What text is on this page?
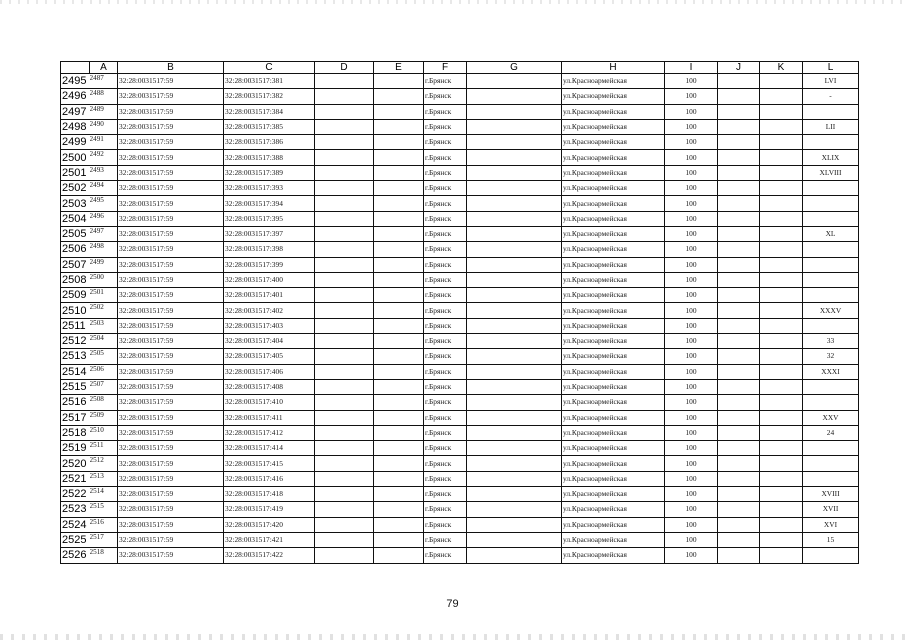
	A	B	C	D	E	F	G	H	I	J	K	L
2495	2487	32:28:0031517:59	32:28:0031517:381			г.Брянск		ул.Красноармейская	100			LVI
2496	2488	32:28:0031517:59	32:28:0031517:382			г.Брянск		ул.Красноармейская	100			-
2497	2489	32:28:0031517:59	32:28:0031517:384			г.Брянск		ул.Красноармейская	100			
2498	2490	32:28:0031517:59	32:28:0031517:385			г.Брянск		ул.Красноармейская	100			LII
2499	2491	32:28:0031517:59	32:28:0031517:386			г.Брянск		ул.Красноармейская	100			
2500	2492	32:28:0031517:59	32:28:0031517:388			г.Брянск		ул.Красноармейская	100			XLIX
2501	2493	32:28:0031517:59	32:28:0031517:389			г.Брянск		ул.Красноармейская	100			XLVIII
2502	2494	32:28:0031517:59	32:28:0031517:393			г.Брянск		ул.Красноармейская	100			
2503	2495	32:28:0031517:59	32:28:0031517:394			г.Брянск		ул.Красноармейская	100			
2504	2496	32:28:0031517:59	32:28:0031517:395			г.Брянск		ул.Красноармейская	100			
2505	2497	32:28:0031517:59	32:28:0031517:397			г.Брянск		ул.Красноармейская	100			XL
2506	2498	32:28:0031517:59	32:28:0031517:398			г.Брянск		ул.Красноармейская	100			
2507	2499	32:28:0031517:59	32:28:0031517:399			г.Брянск		ул.Красноармейская	100			
2508	2500	32:28:0031517:59	32:28:0031517:400			г.Брянск		ул.Красноармейская	100			
2509	2501	32:28:0031517:59	32:28:0031517:401			г.Брянск		ул.Красноармейская	100			
2510	2502	32:28:0031517:59	32:28:0031517:402			г.Брянск		ул.Красноармейская	100			XXXV
2511	2503	32:28:0031517:59	32:28:0031517:403			г.Брянск		ул.Красноармейская	100			
2512	2504	32:28:0031517:59	32:28:0031517:404			г.Брянск		ул.Красноармейская	100			33
2513	2505	32:28:0031517:59	32:28:0031517:405			г.Брянск		ул.Красноармейская	100			32
2514	2506	32:28:0031517:59	32:28:0031517:406			г.Брянск		ул.Красноармейская	100			XXXI
2515	2507	32:28:0031517:59	32:28:0031517:408			г.Брянск		ул.Красноармейская	100			
2516	2508	32:28:0031517:59	32:28:0031517:410			г.Брянск		ул.Красноармейская	100			
2517	2509	32:28:0031517:59	32:28:0031517:411			г.Брянск		ул.Красноармейская	100			XXV
2518	2510	32:28:0031517:59	32:28:0031517:412			г.Брянск		ул.Красноармейская	100			24
2519	2511	32:28:0031517:59	32:28:0031517:414			г.Брянск		ул.Красноармейская	100			
2520	2512	32:28:0031517:59	32:28:0031517:415			г.Брянск		ул.Красноармейская	100			
2521	2513	32:28:0031517:59	32:28:0031517:416			г.Брянск		ул.Красноармейская	100			
2522	2514	32:28:0031517:59	32:28:0031517:418			г.Брянск		ул.Красноармейская	100			XVIII
2523	2515	32:28:0031517:59	32:28:0031517:419			г.Брянск		ул.Красноармейская	100			XVII
2524	2516	32:28:0031517:59	32:28:0031517:420			г.Брянск		ул.Красноармейская	100			XVI
2525	2517	32:28:0031517:59	32:28:0031517:421			г.Брянск		ул.Красноармейская	100			15
2526	2518	32:28:0031517:59	32:28:0031517:422			г.Брянск		ул.Красноармейская	100			
79
